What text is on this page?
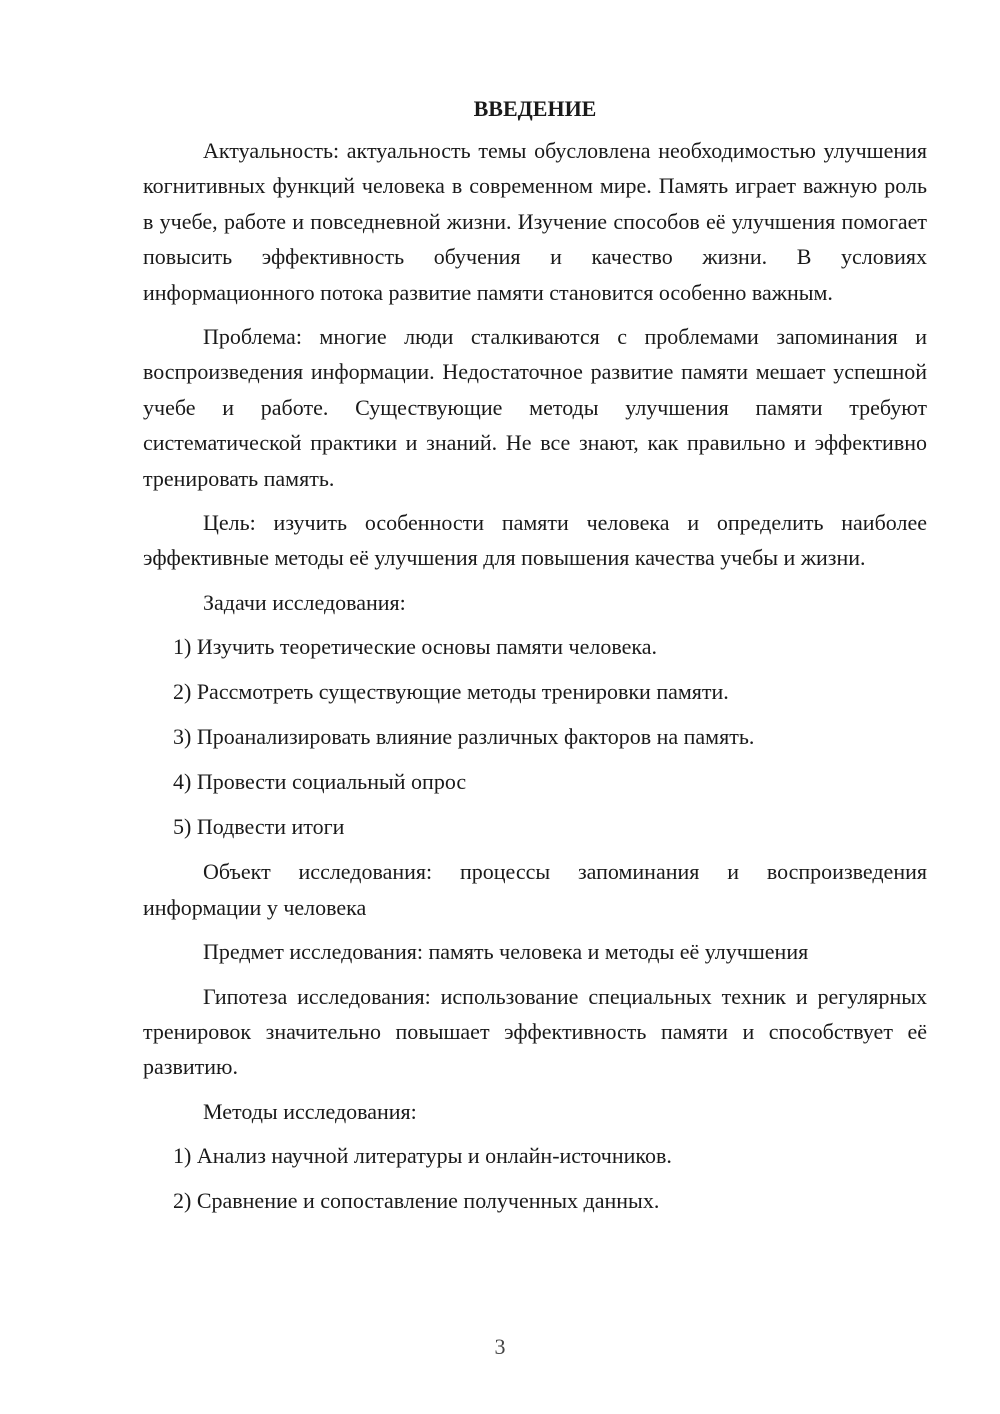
ВВЕДЕНИЕ

Актуальность: актуальность темы обусловлена необходимостью улучшения когнитивных функций человека в современном мире. Память играет важную роль в учебе, работе и повседневной жизни. Изучение способов её улучшения помогает повысить эффективность обучения и качество жизни. В условиях информационного потока развитие памяти становится особенно важным.

Проблема: многие люди сталкиваются с проблемами запоминания и воспроизведения информации. Недостаточное развитие памяти мешает успешной учебе и работе. Существующие методы улучшения памяти требуют систематической практики и знаний. Не все знают, как правильно и эффективно тренировать память.

Цель: изучить особенности памяти человека и определить наиболее эффективные методы её улучшения для повышения качества учебы и жизни.

Задачи исследования:

1) Изучить теоретические основы памяти человека.
2) Рассмотреть существующие методы тренировки памяти.
3) Проанализировать влияние различных факторов на память.
4) Провести социальный опрос
5) Подвести итоги

Объект исследования: процессы запоминания и воспроизведения информации у человека

Предмет исследования: память человека и методы её улучшения

Гипотеза исследования: использование специальных техник и регулярных тренировок значительно повышает эффективность памяти и способствует её развитию.

Методы исследования:

1) Анализ научной литературы и онлайн-источников.
2) Сравнение и сопоставление полученных данных.
3
